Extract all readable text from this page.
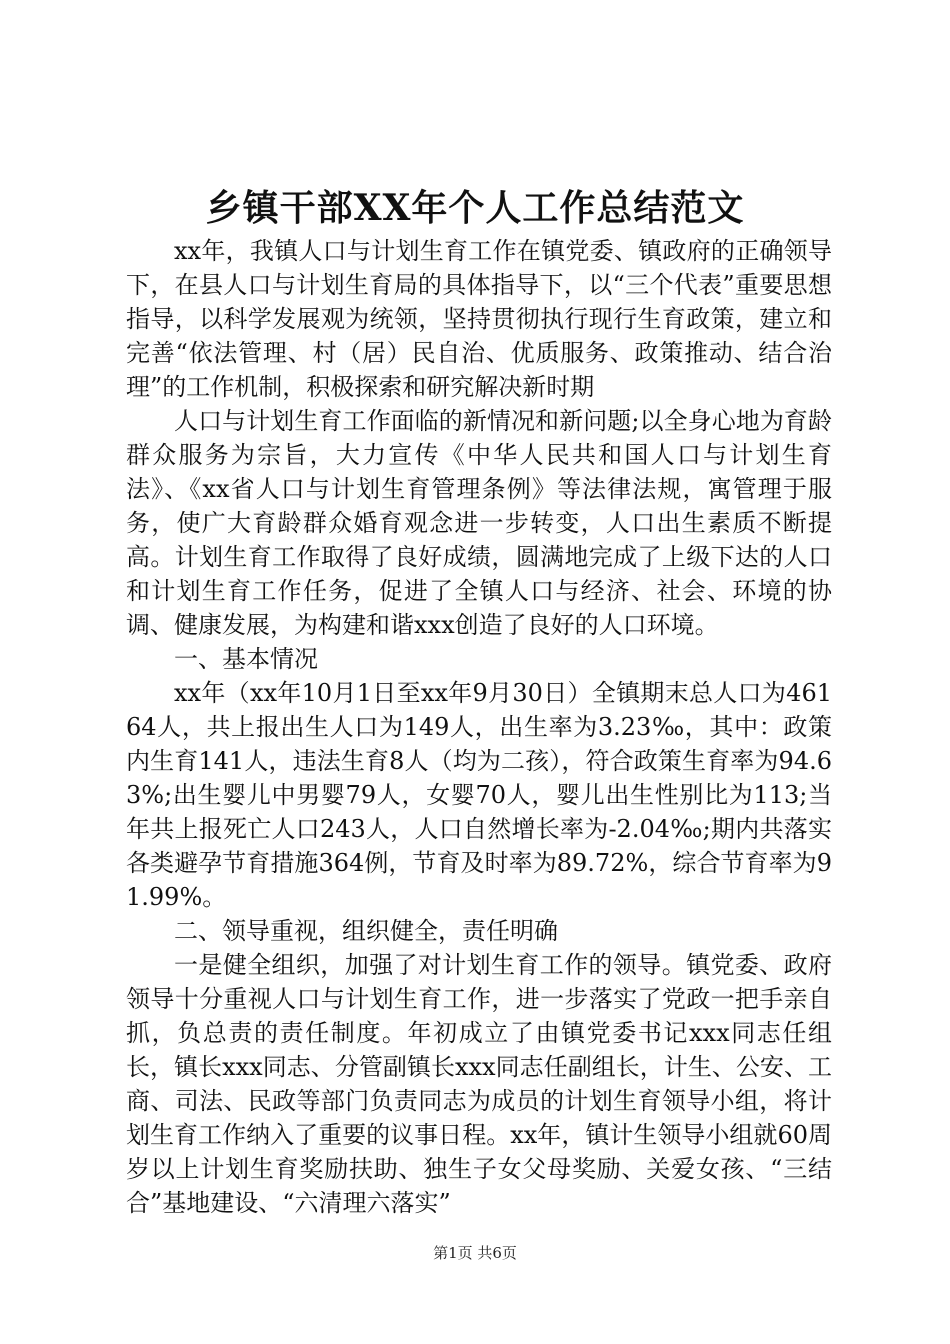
乡镇干部XX年个人工作总结范文

xx年，我镇人口与计划生育工作在镇党委、镇政府的正确领导下，在县人口与计划生育局的具体指导下，以“三个代表”重要思想指导，以科学发展观为统领，坚持贯彻执行现行生育政策，建立和完善“依法管理、村（居）民自治、优质服务、政策推动、结合治理”的工作机制，积极探索和研究解决新时期

人口与计划生育工作面临的新情况和新问题;以全身心地为育龄群众服务为宗旨，大力宣传《中华人民共和国人口与计划生育法》、《xx省人口与计划生育管理条例》等法律法规，寓管理于服务，使广大育龄群众婚育观念进一步转变，人口出生素质不断提高。计划生育工作取得了良好成绩，圆满地完成了上级下达的人口和计划生育工作任务，促进了全镇人口与经济、社会、环境的协调、健康发展，为构建和谐xxx创造了良好的人口环境。

一、基本情况

xx年（xx年10月1日至xx年9月30日）全镇期末总人口为46164人，共上报出生人口为149人，出生率为3.23‰，其中：政策内生育141人，违法生育8人（均为二孩），符合政策生育率为94.63%;出生婴儿中男婴79人，女婴70人，婴儿出生性别比为113;当年共上报死亡人口243人，人口自然增长率为-2.04‰;期内共落实各类避孕节育措施364例，节育及时率为89.72%，综合节育率为91.99%。

二、领导重视，组织健全，责任明确

一是健全组织，加强了对计划生育工作的领导。镇党委、政府领导十分重视人口与计划生育工作，进一步落实了党政一把手亲自抓，负总责的责任制度。年初成立了由镇党委书记xxx同志任组长，镇长xxx同志、分管副镇长xxx同志任副组长，计生、公安、工商、司法、民政等部门负责同志为成员的计划生育领导小组，将计划生育工作纳入了重要的议事日程。xx年，镇计生领导小组就60周岁以上计划生育奖励扶助、独生子女父母奖励、关爱女孩、“三结合”基地建设、“六清理六落实”

第1页 共6页
